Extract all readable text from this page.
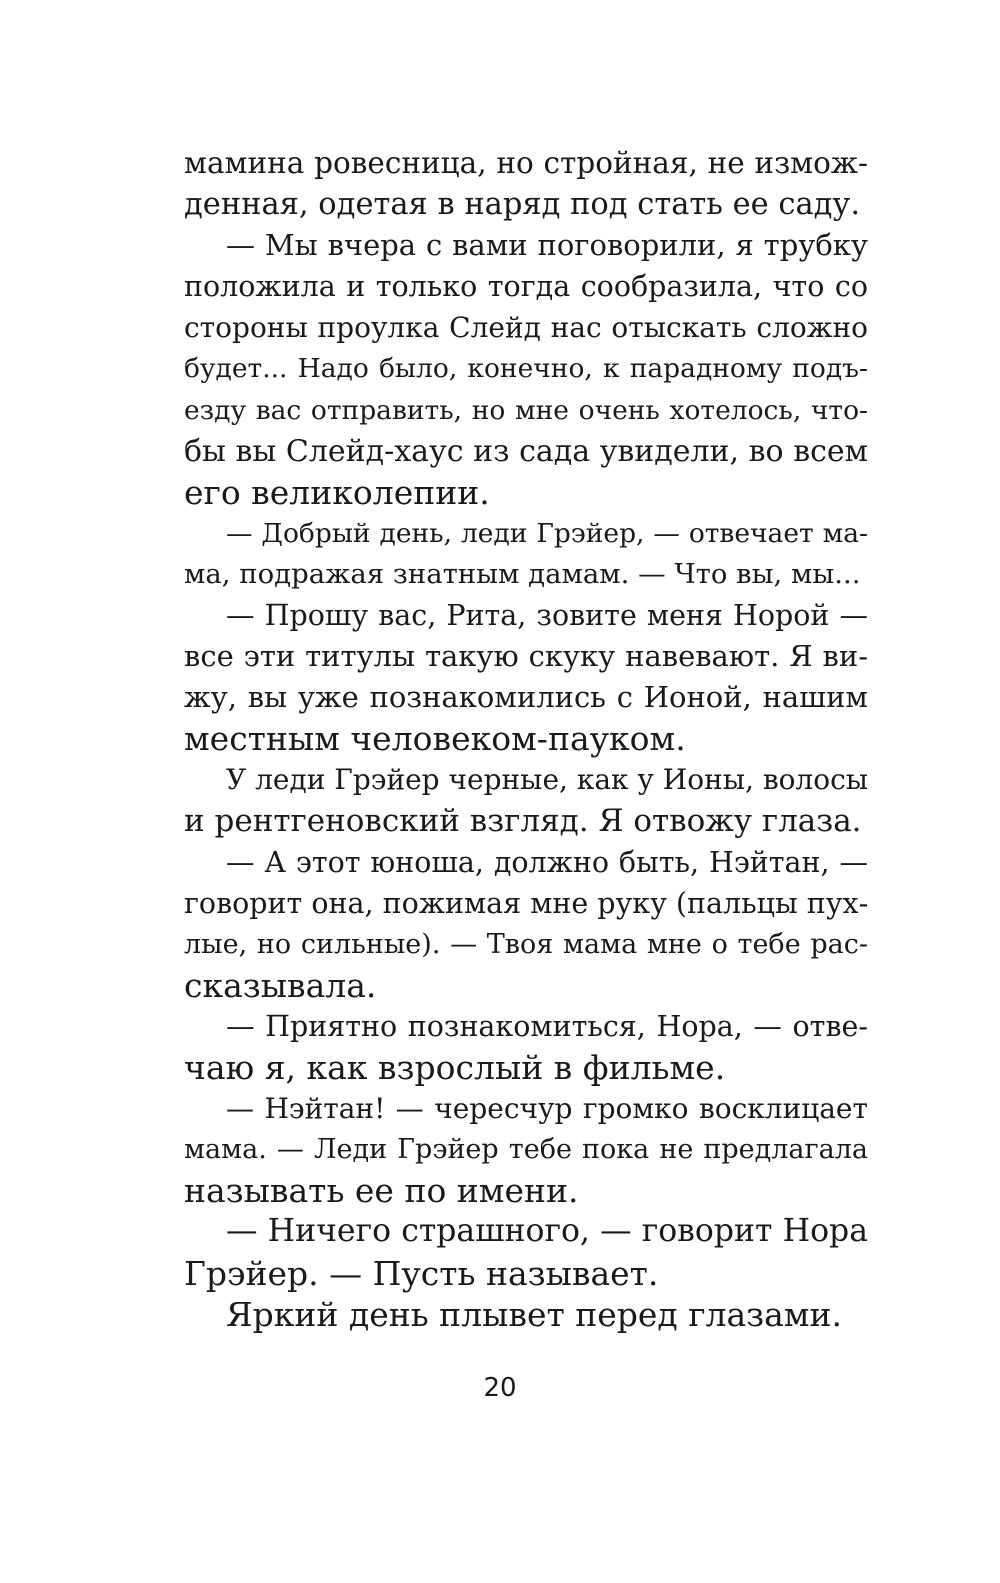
мамина ровесница, но стройная, не измож-
денная, одетая в наряд под стать ее саду.
— Мы вчера с вами поговорили, я трубку
положила и только тогда сообразила, что со
стороны проулка Слейд нас отыскать сложно
будет... Надо было, конечно, к парадному подъ-
езду вас отправить, но мне очень хотелось, что-
бы вы Слейд-хаус из сада увидели, во всем
его великолепии.
— Добрый день, леди Грэйер, — отвечает ма-
ма, подражая знатным дамам. — Что вы, мы...
— Прошу вас, Рита, зовите меня Норой —
все эти титулы такую скуку навевают. Я ви-
жу, вы уже познакомились с Ионой, нашим
местным человеком-пауком.
У леди Грэйер черные, как у Ионы, волосы
и рентгеновский взгляд. Я отвожу глаза.
— А этот юноша, должно быть, Нэйтан, —
говорит она, пожимая мне руку (пальцы пух-
лые, но сильные). — Твоя мама мне о тебе рас-
сказывала.
— Приятно познакомиться, Нора, — отве-
чаю я, как взрослый в фильме.
— Нэйтан! — чересчур громко восклицает
мама. — Леди Грэйер тебе пока не предлагала
называть ее по имени.
— Ничего страшного, — говорит Нора
Грэйер. — Пусть называет.
Яркий день плывет перед глазами.
20
